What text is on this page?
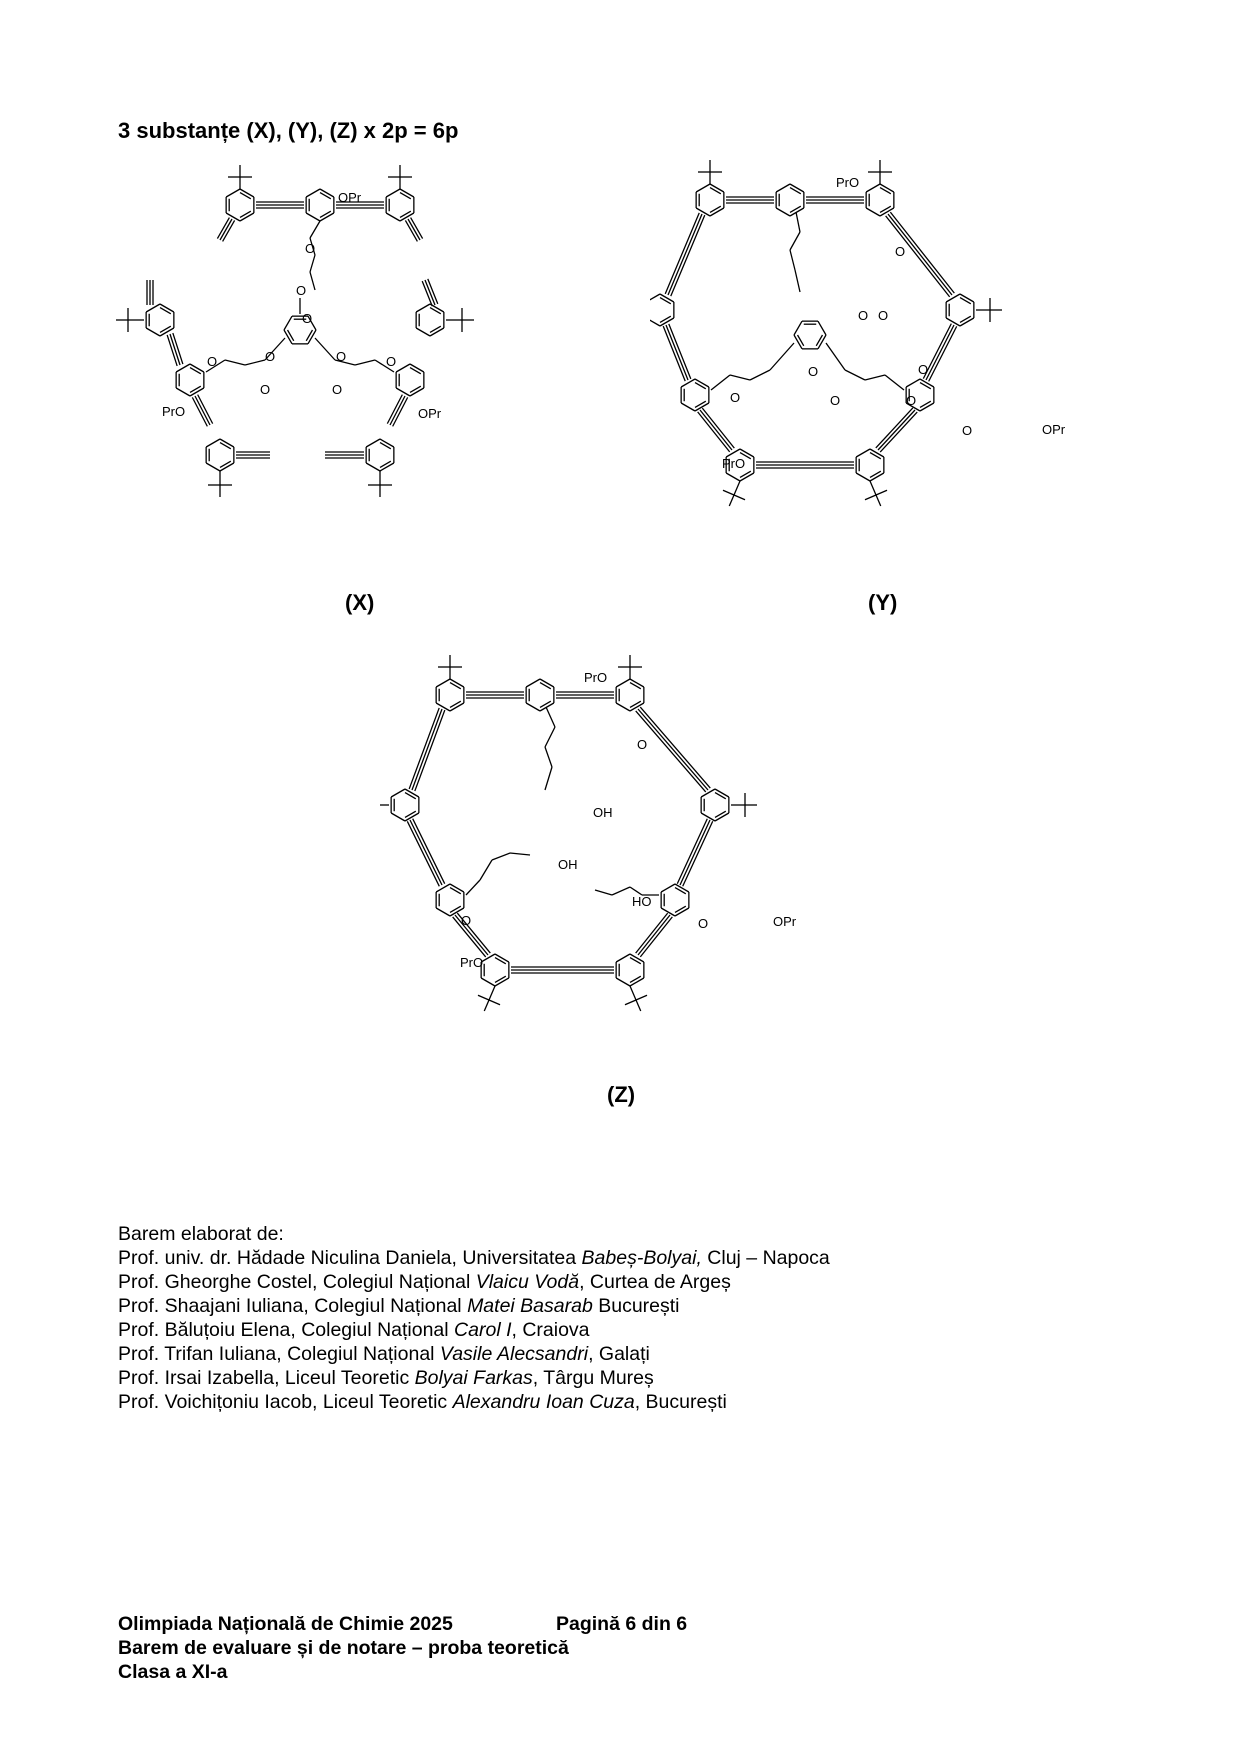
3 substanțe (X), (Y), (Z) x 2p = 6p
OPr
O
O	O
PrO	OPr
O
O
O
O
O
O
(X)
PrO
O
O
O
PrO
OPr
O O
O
O
O
O
(Y)
PrO
O
OH
O
OH
HO
O
PrO
OPr
(Z)
Barem elaborat de:
Prof. univ. dr. Hădade Niculina Daniela, Universitatea Babeș-Bolyai, Cluj – Napoca
Prof. Gheorghe Costel, Colegiul Național Vlaicu Vodă, Curtea de Argeș
Prof. Shaajani Iuliana, Colegiul Național Matei Basarab București
Prof. Băluțoiu Elena, Colegiul Național Carol I, Craiova
Prof. Trifan Iuliana, Colegiul Național Vasile Alecsandri, Galați
Prof. Irsai Izabella, Liceul Teoretic Bolyai Farkas, Târgu Mureș
Prof. Voichițoniu Iacob, Liceul Teoretic Alexandru Ioan Cuza, București
Olimpiada Națională de Chimie 2025	Pagină 6 din 6
Barem de evaluare și de notare – proba teoretică
Clasa a XI-a
